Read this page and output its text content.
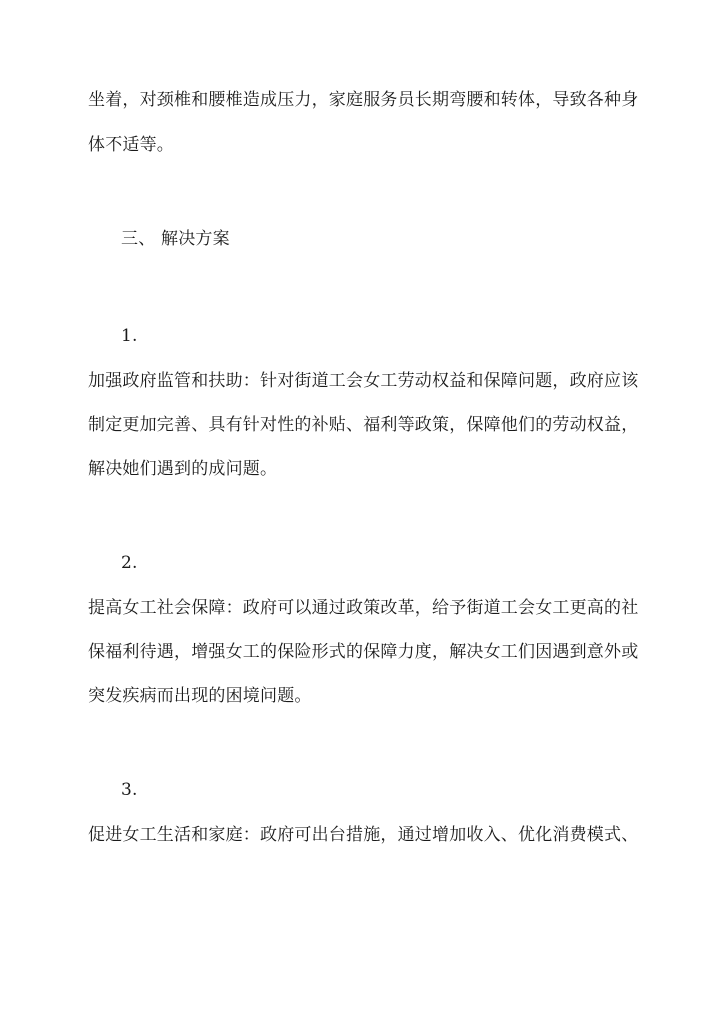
坐着，对颈椎和腰椎造成压力，家庭服务员长期弯腰和转体，导致各种身
体不适等。
三、 解决方案
1.
加强政府监管和扶助：针对街道工会女工劳动权益和保障问题，政府应该
制定更加完善、具有针对性的补贴、福利等政策，保障他们的劳动权益，
解决她们遇到的成问题。
2.
提高女工社会保障：政府可以通过政策改革，给予街道工会女工更高的社
保福利待遇，增强女工的保险形式的保障力度，解决女工们因遇到意外或
突发疾病而出现的困境问题。
3.
促进女工生活和家庭：政府可出台措施，通过增加收入、优化消费模式、
